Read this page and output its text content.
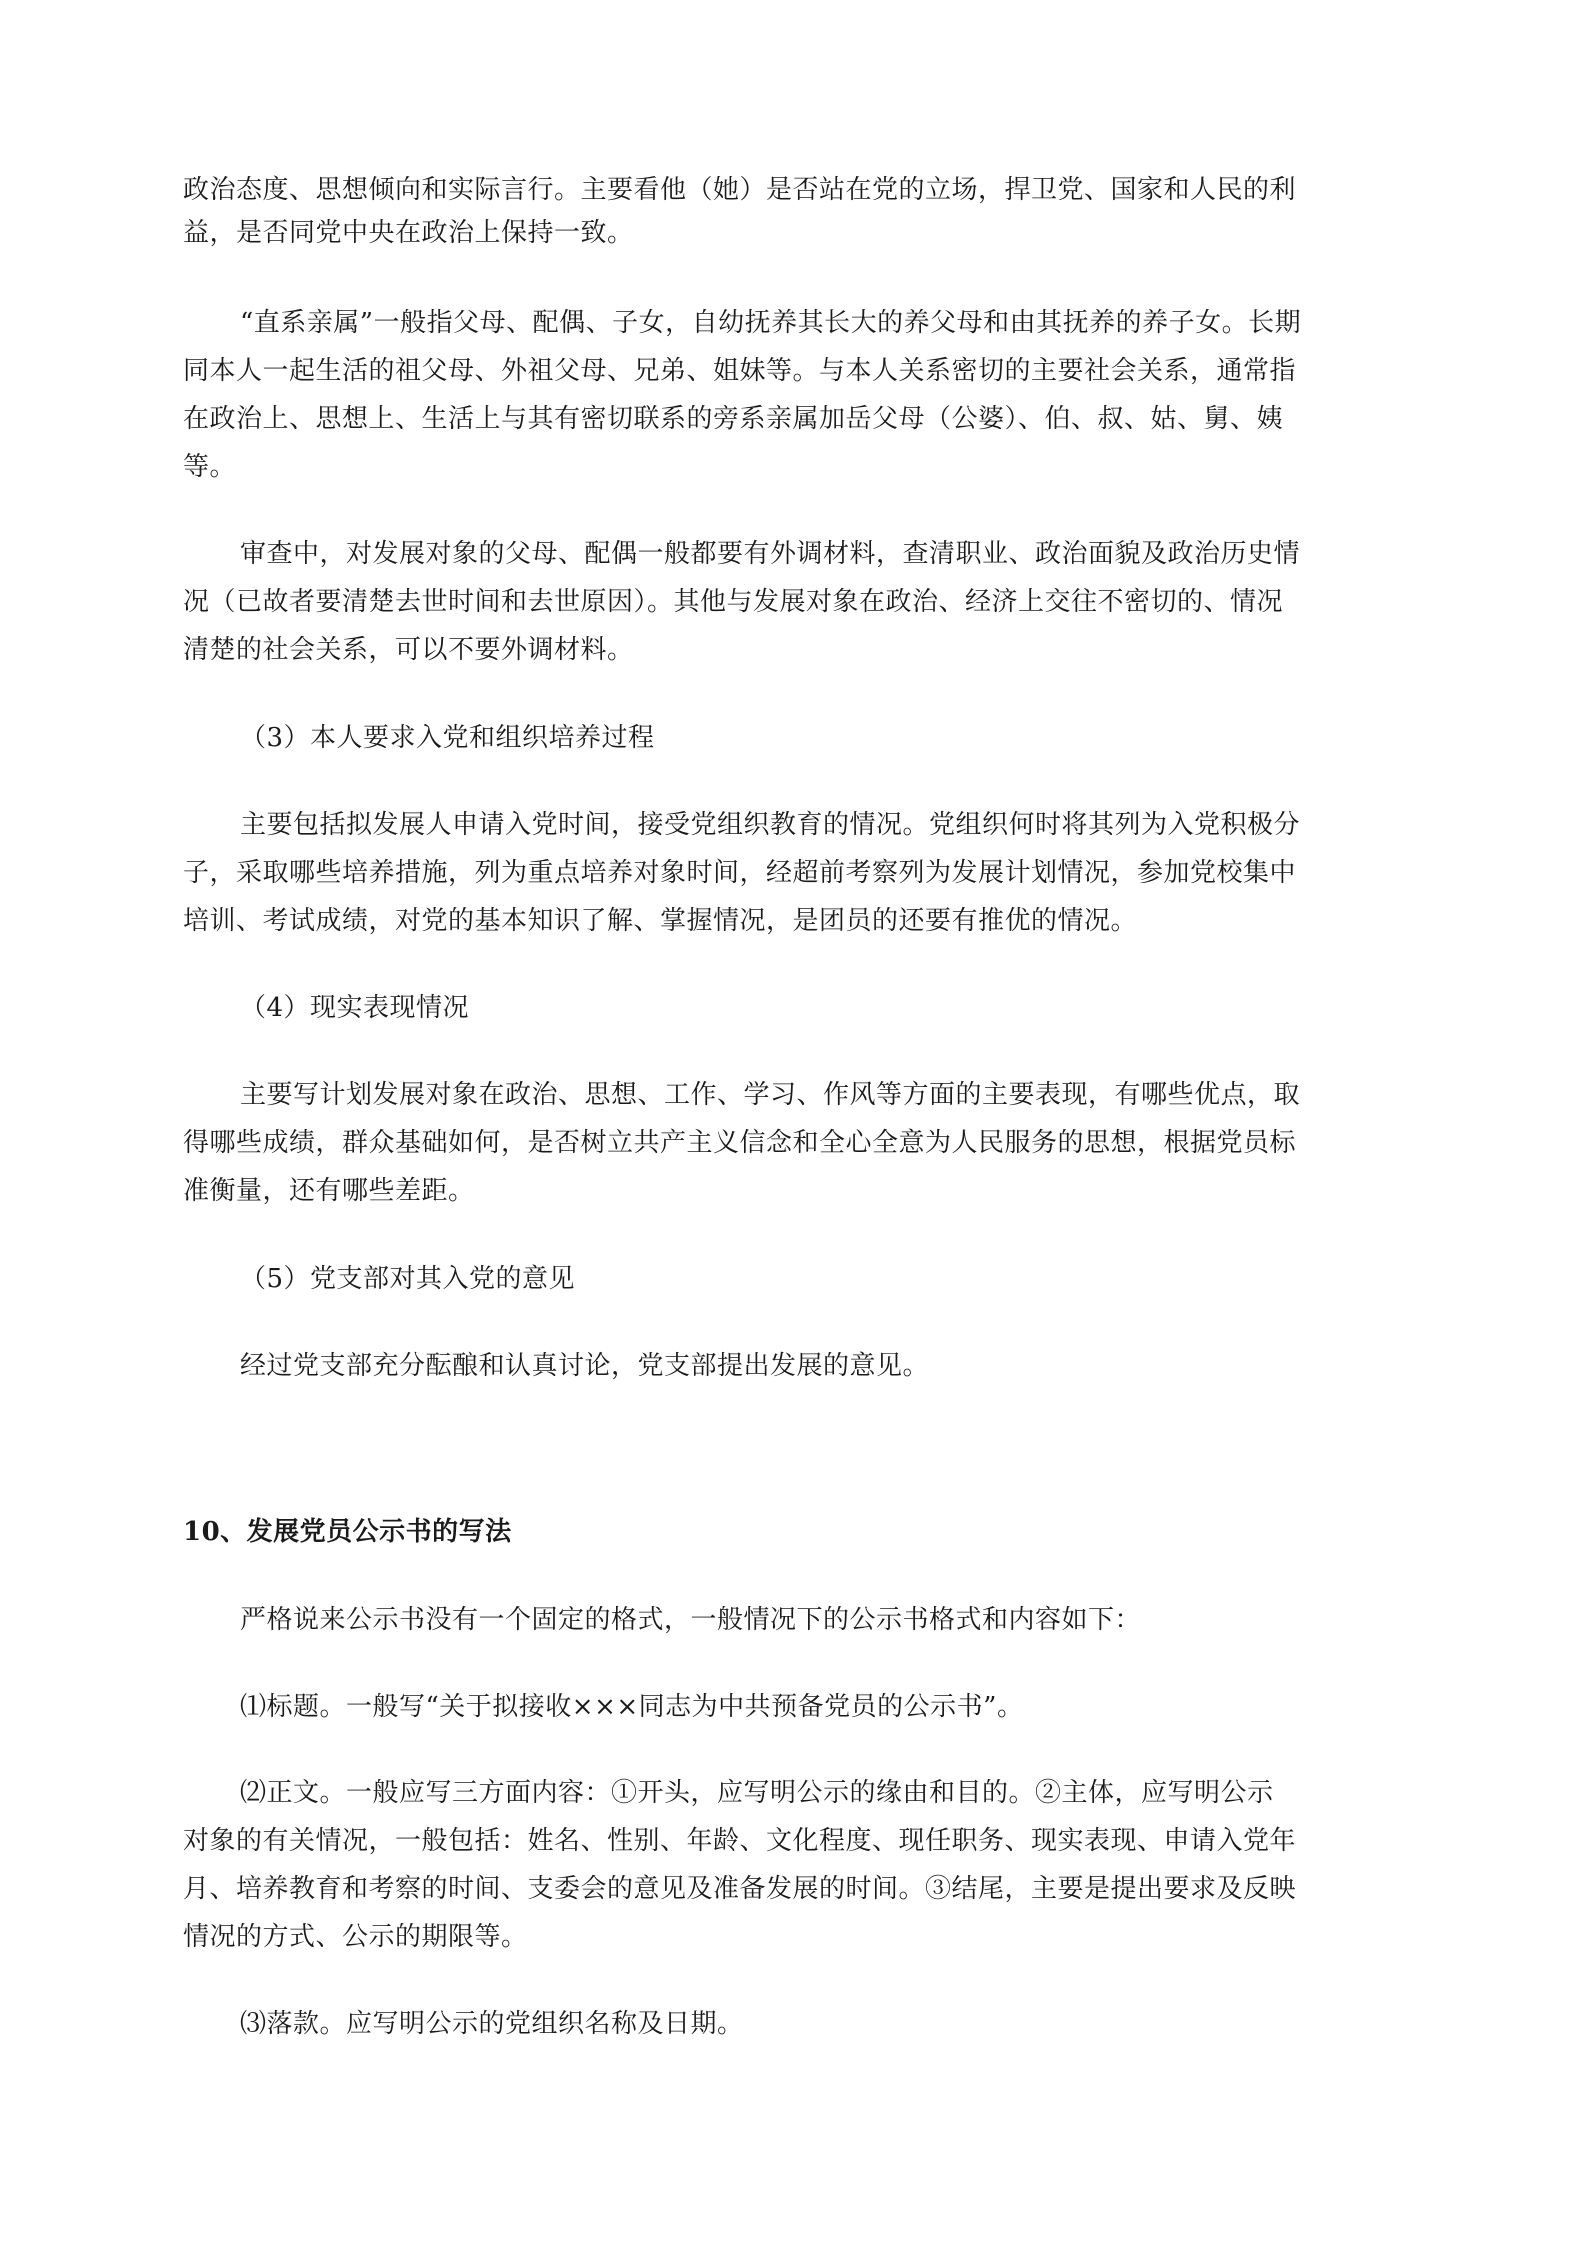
政治态度、思想倾向和实际言行。主要看他（她）是否站在党的立场，捍卫党、国家和人民的利
益，是否同党中央在政治上保持一致。
“直系亲属”一般指父母、配偶、子女，自幼抚养其长大的养父母和由其抚养的养子女。长期
同本人一起生活的祖父母、外祖父母、兄弟、姐妹等。与本人关系密切的主要社会关系，通常指
在政治上、思想上、生活上与其有密切联系的旁系亲属加岳父母（公婆）、伯、叔、姑、舅、姨
等。
审查中，对发展对象的父母、配偶一般都要有外调材料，查清职业、政治面貌及政治历史情
况（已故者要清楚去世时间和去世原因）。其他与发展对象在政治、经济上交往不密切的、情况
清楚的社会关系，可以不要外调材料。
（3）本人要求入党和组织培养过程
主要包括拟发展人申请入党时间，接受党组织教育的情况。党组织何时将其列为入党积极分
子，采取哪些培养措施，列为重点培养对象时间，经超前考察列为发展计划情况，参加党校集中
培训、考试成绩，对党的基本知识了解、掌握情况，是团员的还要有推优的情况。
（4）现实表现情况
主要写计划发展对象在政治、思想、工作、学习、作风等方面的主要表现，有哪些优点，取
得哪些成绩，群众基础如何，是否树立共产主义信念和全心全意为人民服务的思想，根据党员标
准衡量，还有哪些差距。
（5）党支部对其入党的意见
经过党支部充分酝酿和认真讨论，党支部提出发展的意见。
10、发展党员公示书的写法
严格说来公示书没有一个固定的格式，一般情况下的公示书格式和内容如下：
⑴标题。一般写“关于拟接收×××同志为中共预备党员的公示书”。
⑵正文。一般应写三方面内容：①开头，应写明公示的缘由和目的。②主体，应写明公示
对象的有关情况，一般包括：姓名、性别、年龄、文化程度、现任职务、现实表现、申请入党年
月、培养教育和考察的时间、支委会的意见及准备发展的时间。③结尾，主要是提出要求及反映
情况的方式、公示的期限等。
⑶落款。应写明公示的党组织名称及日期。
